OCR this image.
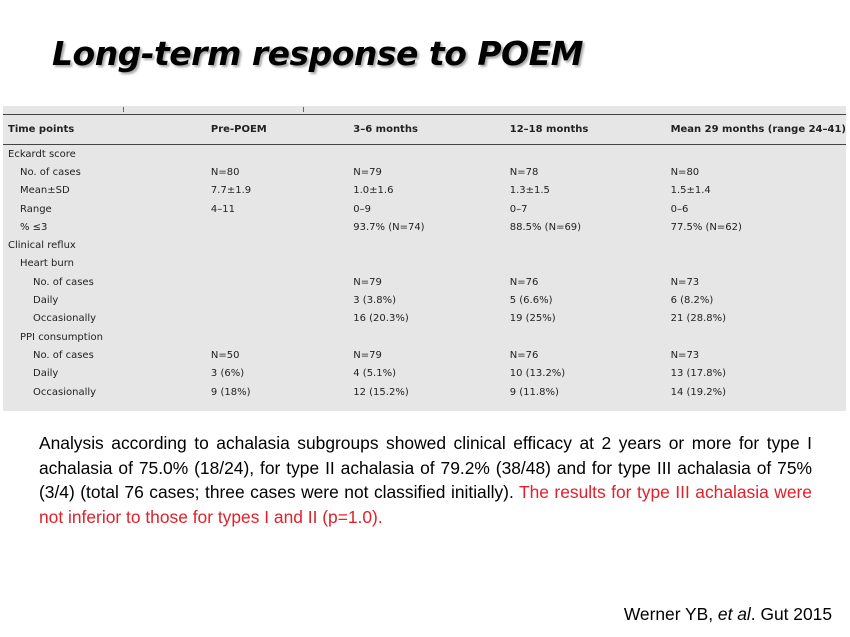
Long-term response to POEM
Time points	Pre-POEM	3–6 months	12–18 months	Mean 29 months (range 24–41)
Eckardt score				
No. of cases	N=80	N=79	N=78	N=80
Mean±SD	7.7±1.9	1.0±1.6	1.3±1.5	1.5±1.4
Range	4–11	0–9	0–7	0–6
% ≤3		93.7% (N=74)	88.5% (N=69)	77.5% (N=62)
Clinical reflux				
Heart burn				
No. of cases		N=79	N=76	N=73
Daily		3 (3.8%)	5 (6.6%)	6 (8.2%)
Occasionally		16 (20.3%)	19 (25%)	21 (28.8%)
PPI consumption				
No. of cases	N=50	N=79	N=76	N=73
Daily	3 (6%)	4 (5.1%)	10 (13.2%)	13 (17.8%)
Occasionally	9 (18%)	12 (15.2%)	9 (11.8%)	14 (19.2%)
Analysis according to achalasia subgroups showed clinical efficacy at 2 years or more for type I achalasia of 75.0% (18/24), for type II achalasia of 79.2% (38/48) and for type III achalasia of 75% (3/4) (total 76 cases; three cases were not classified initially). The results for type III achalasia were not inferior to those for types I and II (p=1.0).
Werner YB, et al. Gut 2015
